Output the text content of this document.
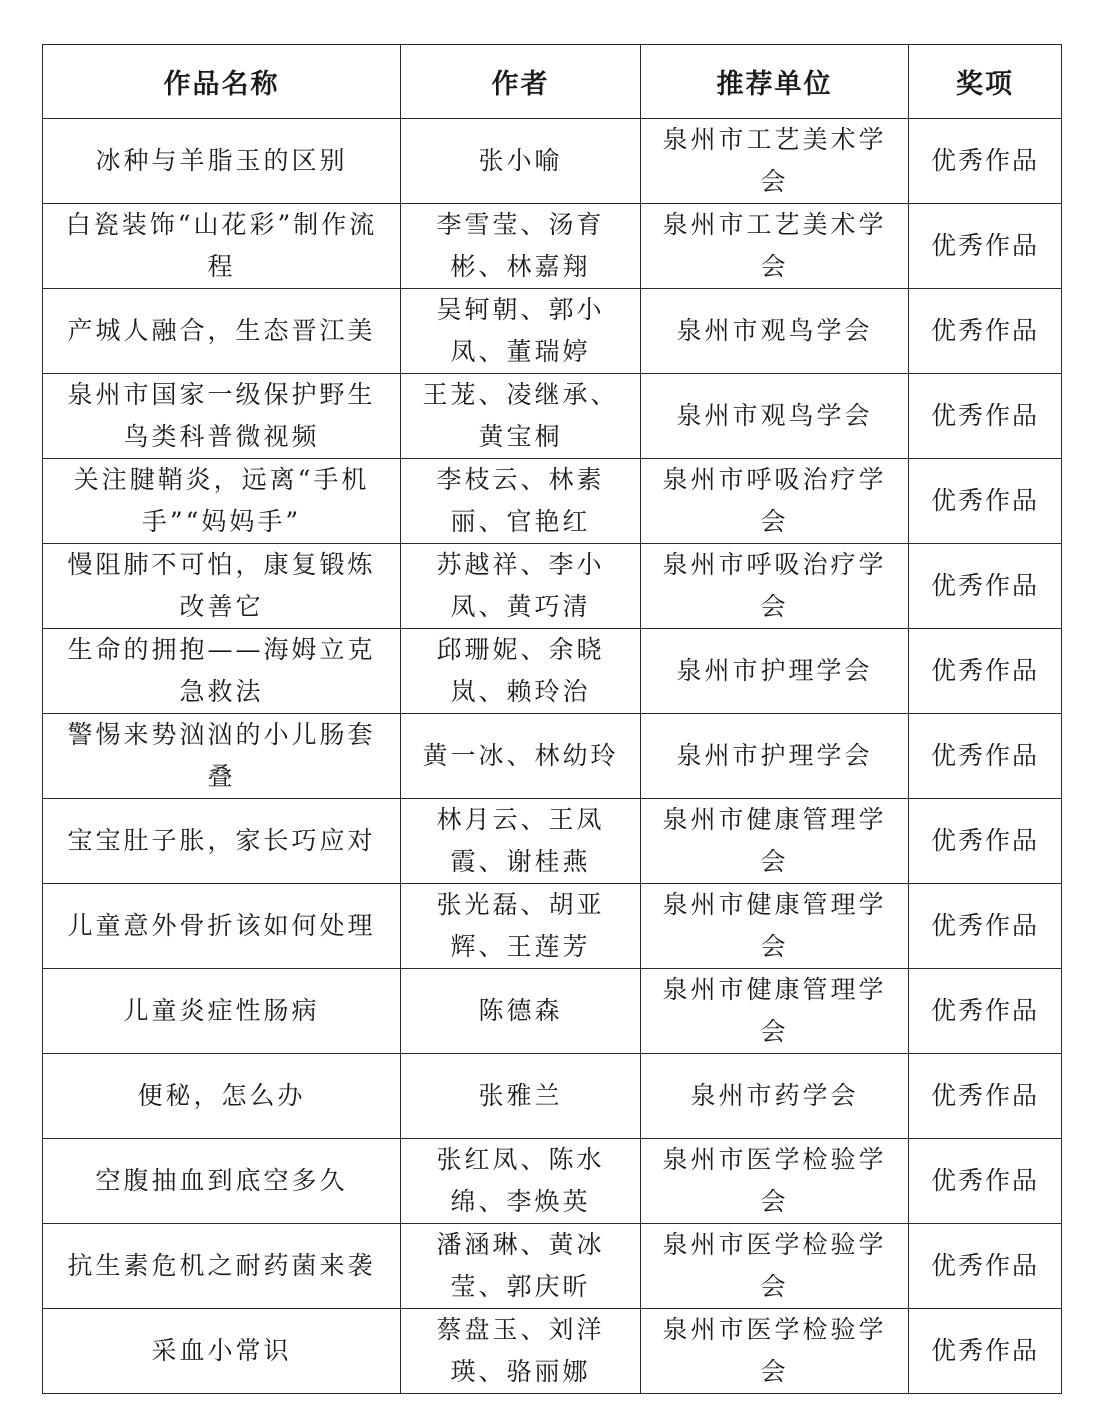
作品名称	作者	推荐单位	奖项
冰种与羊脂玉的区别	张小喻	泉州市工艺美术学会	优秀作品
白瓷装饰“山花彩”制作流程	李雪莹、汤育彬、林嘉翔	泉州市工艺美术学会	优秀作品
产城人融合，生态晋江美	吴轲朝、郭小凤、董瑞婷	泉州市观鸟学会	优秀作品
泉州市国家一级保护野生鸟类科普微视频	王茏、凌继承、黄宝桐	泉州市观鸟学会	优秀作品
关注腱鞘炎，远离“手机手”“妈妈手”	李枝云、林素丽、官艳红	泉州市呼吸治疗学会	优秀作品
慢阻肺不可怕，康复锻炼改善它	苏越祥、李小凤、黄巧清	泉州市呼吸治疗学会	优秀作品
生命的拥抱——海姆立克急救法	邱珊妮、余晓岚、赖玲治	泉州市护理学会	优秀作品
警惕来势汹汹的小儿肠套叠	黄一冰、林幼玲	泉州市护理学会	优秀作品
宝宝肚子胀，家长巧应对	林月云、王凤霞、谢桂燕	泉州市健康管理学会	优秀作品
儿童意外骨折该如何处理	张光磊、胡亚辉、王莲芳	泉州市健康管理学会	优秀作品
儿童炎症性肠病	陈德森	泉州市健康管理学会	优秀作品
便秘，怎么办	张雅兰	泉州市药学会	优秀作品
空腹抽血到底空多久	张红凤、陈水绵、李焕英	泉州市医学检验学会	优秀作品
抗生素危机之耐药菌来袭	潘涵琳、黄冰莹、郭庆昕	泉州市医学检验学会	优秀作品
采血小常识	蔡盘玉、刘洋瑛、骆丽娜	泉州市医学检验学会	优秀作品
